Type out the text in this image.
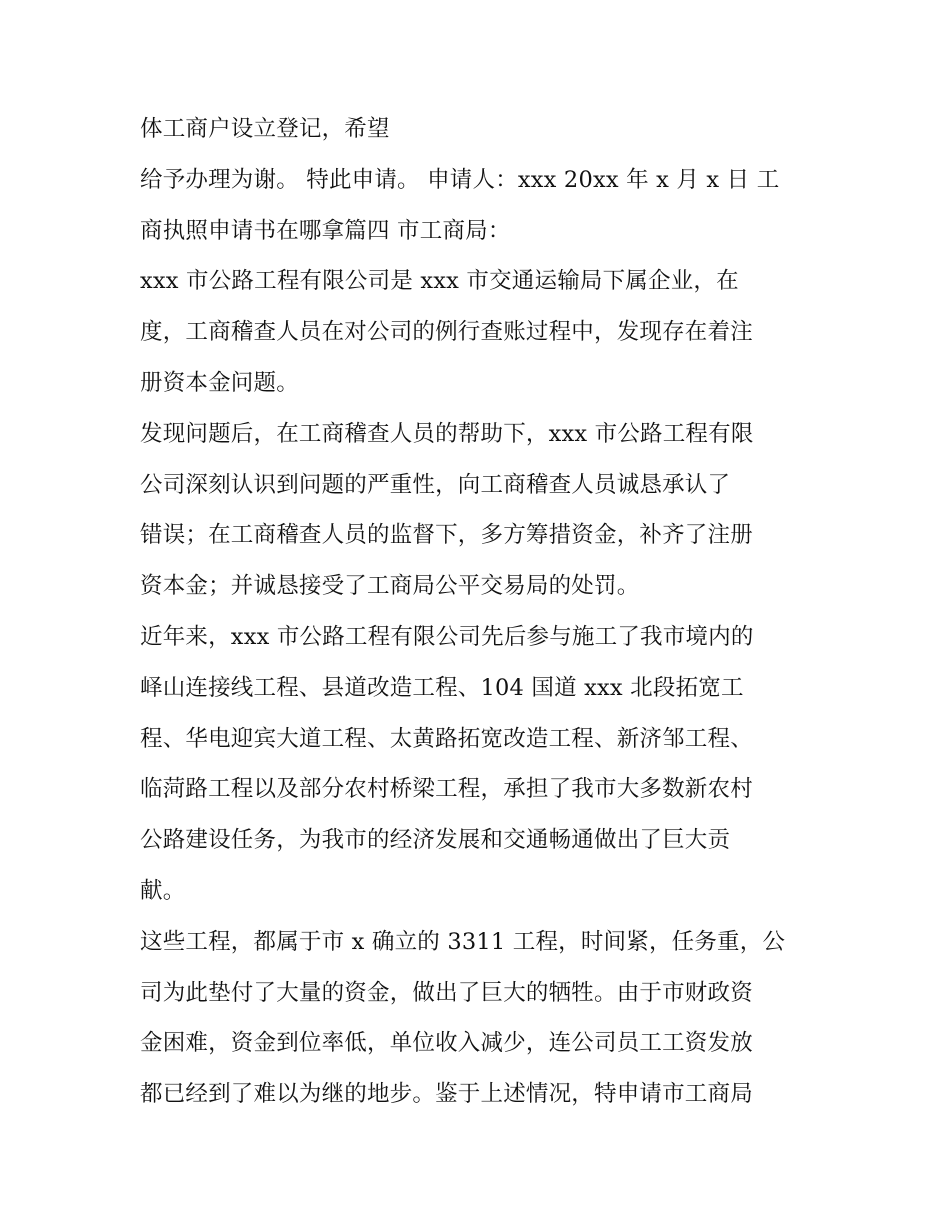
体工商户设立登记，希望
给予办理为谢。 特此申请。 申请人：xxx 20xx 年 x 月 x 日 工
商执照申请书在哪拿篇四 市工商局：
xxx 市公路工程有限公司是 xxx 市交通运输局下属企业，在
度，工商稽查人员在对公司的例行查账过程中，发现存在着注
册资本金问题。
发现问题后，在工商稽查人员的帮助下，xxx 市公路工程有限
公司深刻认识到问题的严重性，向工商稽查人员诚恳承认了
错误；在工商稽查人员的监督下，多方筹措资金，补齐了注册
资本金；并诚恳接受了工商局公平交易局的处罚。
近年来，xxx 市公路工程有限公司先后参与施工了我市境内的
峄山连接线工程、县道改造工程、104 国道 xxx 北段拓宽工
程、华电迎宾大道工程、太黄路拓宽改造工程、新济邹工程、
临菏路工程以及部分农村桥梁工程，承担了我市大多数新农村
公路建设任务，为我市的经济发展和交通畅通做出了巨大贡
献。
这些工程，都属于市 x 确立的 3311 工程，时间紧，任务重，公
司为此垫付了大量的资金，做出了巨大的牺牲。由于市财政资
金困难，资金到位率低，单位收入减少，连公司员工工资发放
都已经到了难以为继的地步。鉴于上述情况，特申请市工商局
